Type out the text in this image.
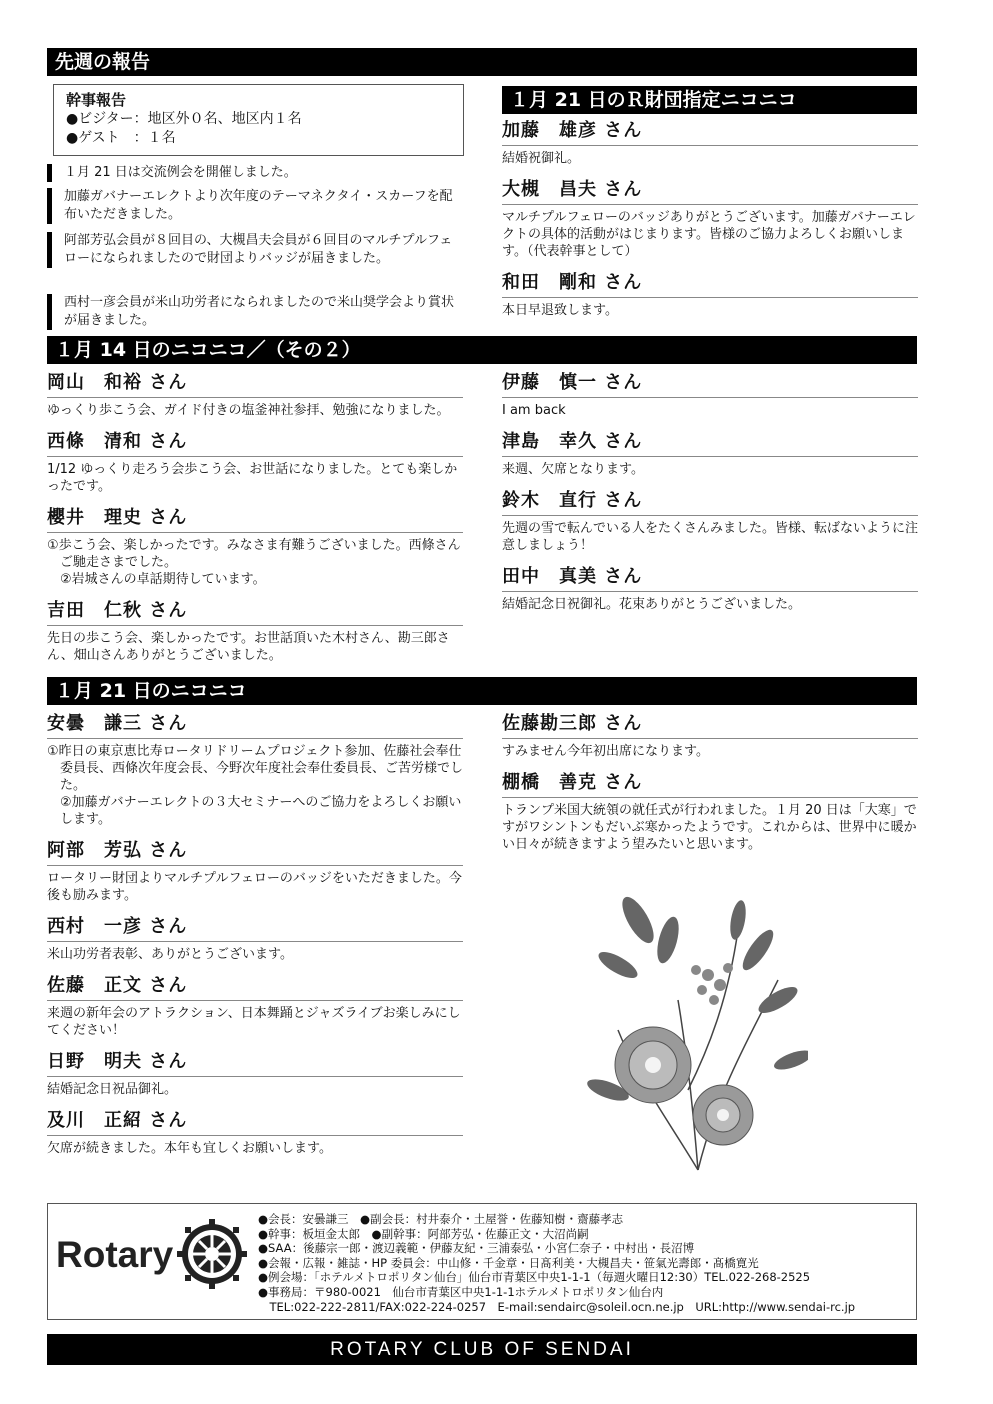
先週の報告
幹事報告
●ビジター：地区外０名、地区内１名
●ゲスト　：１名
１月 21 日は交流例会を開催しました。
加藤ガバナーエレクトより次年度のテーマネクタイ・スカーフを配布いただきました。
阿部芳弘会員が８回目の、大槻昌夫会員が６回目のマルチプルフェローになられましたので財団よりバッジが届きました。
西村一彦会員が米山功労者になられましたので米山奨学会より賞状が届きました。
１月 21 日のＲ財団指定ニコニコ
加藤　雄彦 さん
結婚祝御礼。
大槻　昌夫 さん
マルチプルフェローのバッジありがとうございます。加藤ガバナーエレクトの具体的活動がはじまります。皆様のご協力よろしくお願いします。（代表幹事として）
和田　剛和 さん
本日早退致します。
１月 14 日のニコニコ／（その２）
岡山　和裕 さん
ゆっくり歩こう会、ガイド付きの塩釜神社参拝、勉強になりました。
西條　清和 さん
1/12 ゆっくり走ろう会歩こう会、お世話になりました。とても楽しかったです。
櫻井　理史 さん
①歩こう会、楽しかったです。みなさま有難うございました。西條さんご馳走さまでした。
②岩城さんの卓話期待しています。
吉田　仁秋 さん
先日の歩こう会、楽しかったです。お世話頂いた木村さん、勘三郎さん、畑山さんありがとうございました。
伊藤　慎一 さん
I am back
津島　幸久 さん
来週、欠席となります。
鈴木　直行 さん
先週の雪で転んでいる人をたくさんみました。皆様、転ばないように注意しましょう！
田中　真美 さん
結婚記念日祝御礼。花束ありがとうございました。
１月 21 日のニコニコ
安曇　謙三 さん
①昨日の東京恵比寿ロータリドリームプロジェクト参加、佐藤社会奉仕委員長、西條次年度会長、今野次年度社会奉仕委員長、ご苦労様でした。
②加藤ガバナーエレクトの３大セミナーへのご協力をよろしくお願いします。
阿部　芳弘 さん
ロータリー財団よりマルチプルフェローのバッジをいただきました。今後も励みます。
西村　一彦 さん
米山功労者表彰、ありがとうございます。
佐藤　正文 さん
来週の新年会のアトラクション、日本舞踊とジャズライブお楽しみにしてください！
日野　明夫 さん
結婚記念日祝品御礼。
及川　正紹 さん
欠席が続きました。本年も宜しくお願いします。
佐藤勘三郎 さん
すみません今年初出席になります。
棚橋　善克 さん
トランプ米国大統領の就任式が行われました。１月 20 日は「大寒」ですがワシントンもだいぶ寒かったようです。これからは、世界中に暖かい日々が続きますよう望みたいと思います。
Rotary
●会長：安曇謙三　●副会長：村井泰介・土屋誉・佐藤知樹・齋藤孝志
●幹事：板垣金太郎　●副幹事：阿部芳弘・佐藤正文・大沼尚嗣
●SAA：後藤宗一郎・渡辺義範・伊藤友紀・三浦泰弘・小宮仁奈子・中村出・長沼博
●会報・広報・雑誌・HP 委員会：中山修・千金章・日髙利美・大槻昌夫・笹氣光壽郎・髙橋寛光
●例会場：「ホテルメトロポリタン仙台」仙台市青葉区中央1-1-1（毎週火曜日12:30）TEL.022-268-2525
●事務局：〒980-0021　仙台市青葉区中央1-1-1ホテルメトロポリタン仙台内
　TEL:022-222-2811/FAX:022-224-0257　E-mail:sendairc@soleil.ocn.ne.jp　URL:http://www.sendai-rc.jp
ROTARY CLUB OF SENDAI
